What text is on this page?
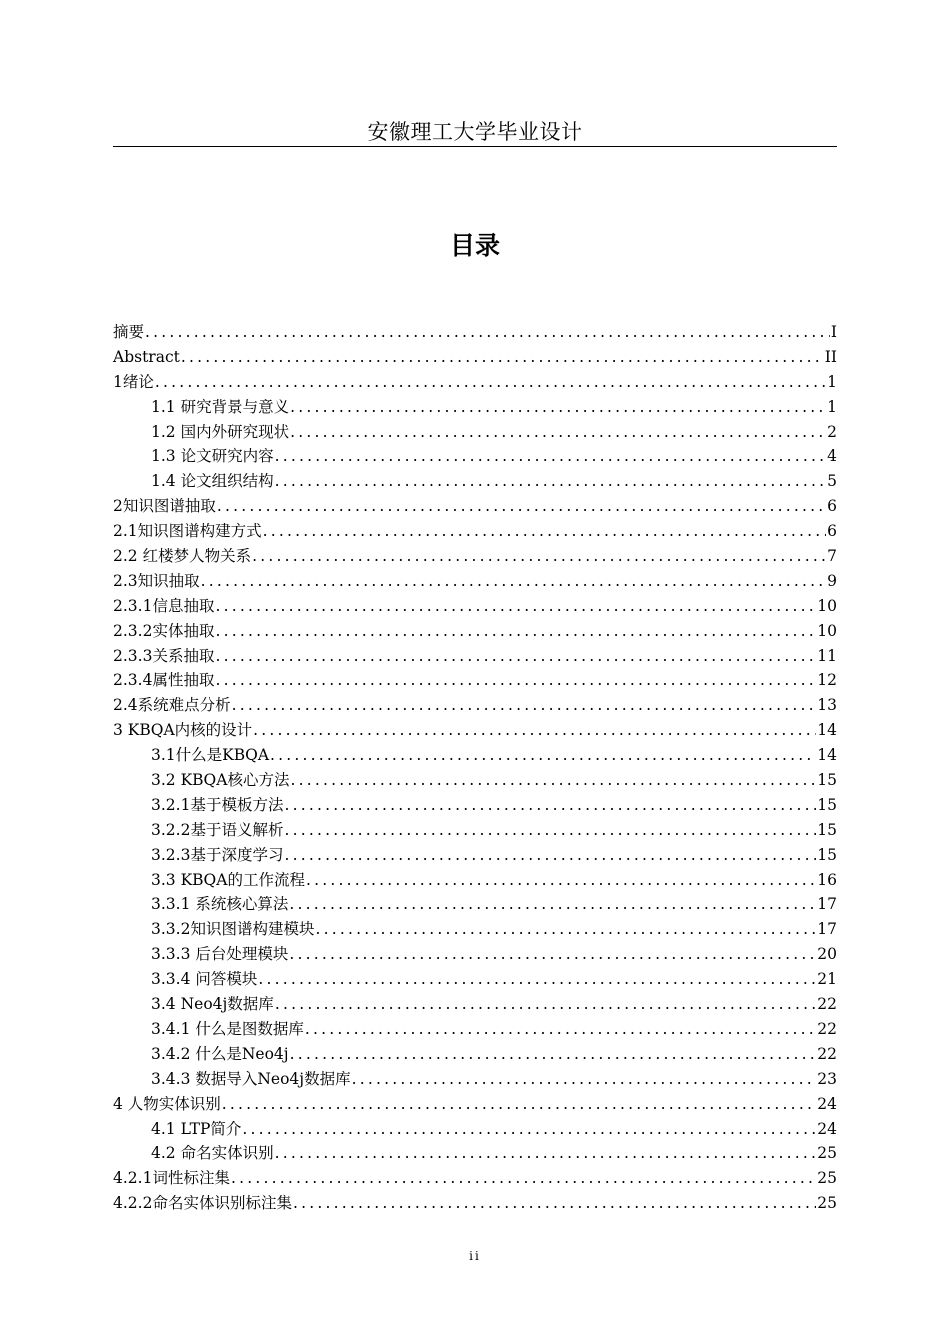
安徽理工大学毕业设计
目录
摘要 .....	I
Abstract .....	II
1绪论 .....	1
1.1 研究背景与意义 .....	1
1.2 国内外研究现状 .....	2
1.3 论文研究内容 .....	4
1.4 论文组织结构 .....	5
2知识图谱抽取 .....	6
2.1知识图谱构建方式 .....	6
2.2 红楼梦人物关系 .....	7
2.3知识抽取 .....	9
2.3.1信息抽取 .....	10
2.3.2实体抽取 .....	10
2.3.3关系抽取 .....	11
2.3.4属性抽取 .....	12
2.4系统难点分析 .....	13
3 KBQA内核的设计 .....	14
3.1什么是KBQA .....	14
3.2 KBQA核心方法 .....	15
3.2.1基于模板方法 .....	15
3.2.2基于语义解析 .....	15
3.2.3基于深度学习 .....	15
3.3 KBQA的工作流程 .....	16
3.3.1 系统核心算法 .....	17
3.3.2知识图谱构建模块 .....	17
3.3.3 后台处理模块 .....	20
3.3.4 问答模块 .....	21
3.4 Neo4j数据库 .....	22
3.4.1 什么是图数据库 .....	22
3.4.2 什么是Neo4j .....	22
3.4.3 数据导入Neo4j数据库 .....	23
4 人物实体识别 .....	24
4.1 LTP简介 .....	24
4.2 命名实体识别 .....	25
4.2.1词性标注集 .....	25
4.2.2命名实体识别标注集 .....	25
ii
